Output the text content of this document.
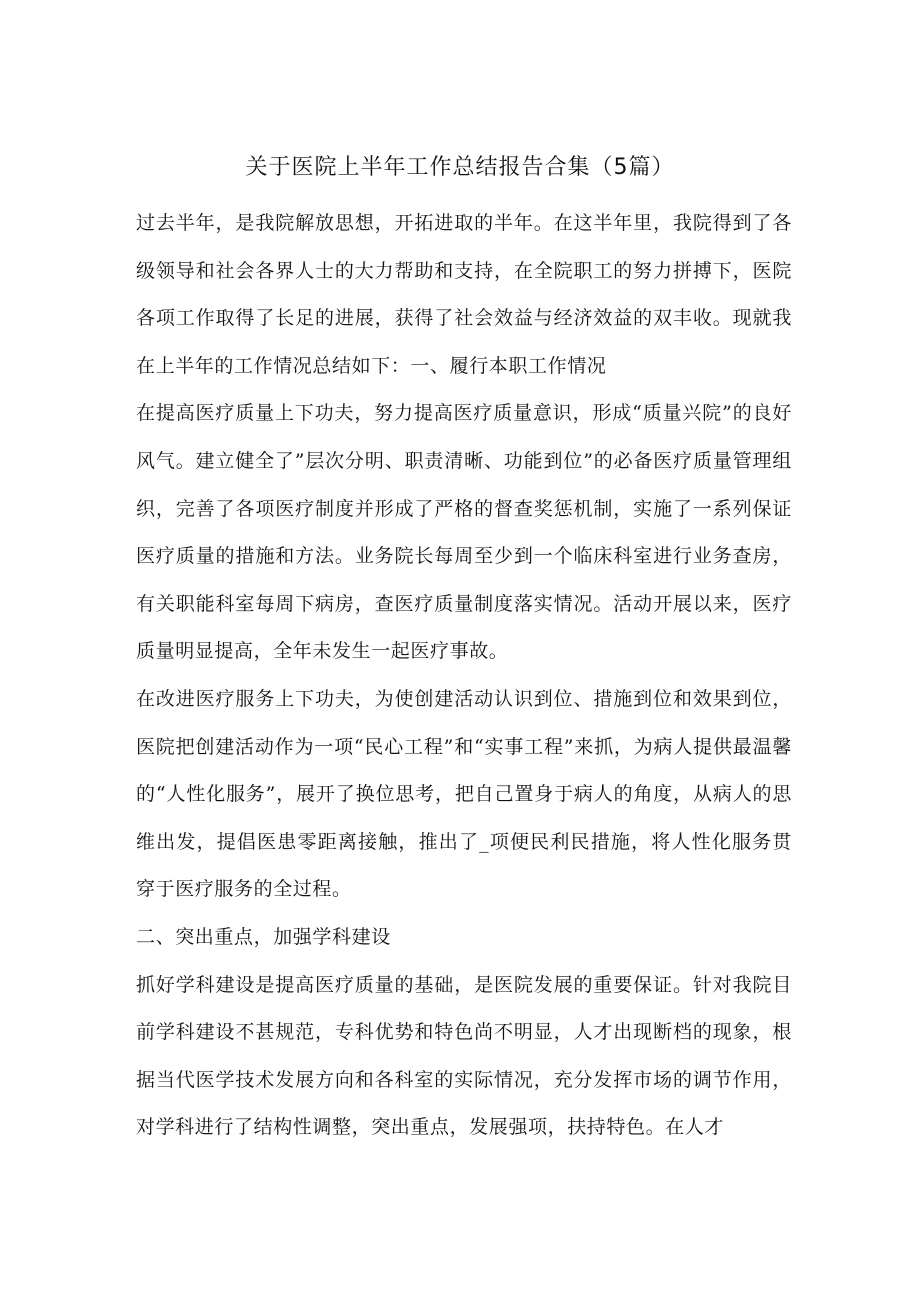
关于医院上半年工作总结报告合集（5篇）

过去半年，是我院解放思想，开拓进取的半年。在这半年里，我院得到了各级领导和社会各界人士的大力帮助和支持，在全院职工的努力拼搏下，医院各项工作取得了长足的进展，获得了社会效益与经济效益的双丰收。现就我在上半年的工作情况总结如下：一、履行本职工作情况

在提高医疗质量上下功夫，努力提高医疗质量意识，形成“质量兴院”的良好风气。建立健全了”层次分明、职责清晰、功能到位”的必备医疗质量管理组织，完善了各项医疗制度并形成了严格的督查奖惩机制，实施了一系列保证医疗质量的措施和方法。业务院长每周至少到一个临床科室进行业务查房，有关职能科室每周下病房，查医疗质量制度落实情况。活动开展以来，医疗质量明显提高，全年未发生一起医疗事故。

在改进医疗服务上下功夫，为使创建活动认识到位、措施到位和效果到位，医院把创建活动作为一项“民心工程”和“实事工程”来抓，为病人提供最温馨的“人性化服务”，展开了换位思考，把自己置身于病人的角度，从病人的思维出发，提倡医患零距离接触，推出了_项便民利民措施，将人性化服务贯穿于医疗服务的全过程。

二、突出重点，加强学科建设

抓好学科建设是提高医疗质量的基础，是医院发展的重要保证。针对我院目前学科建设不甚规范，专科优势和特色尚不明显，人才出现断档的现象，根据当代医学技术发展方向和各科室的实际情况，充分发挥市场的调节作用，对学科进行了结构性调整，突出重点，发展强项，扶持特色。在人才
